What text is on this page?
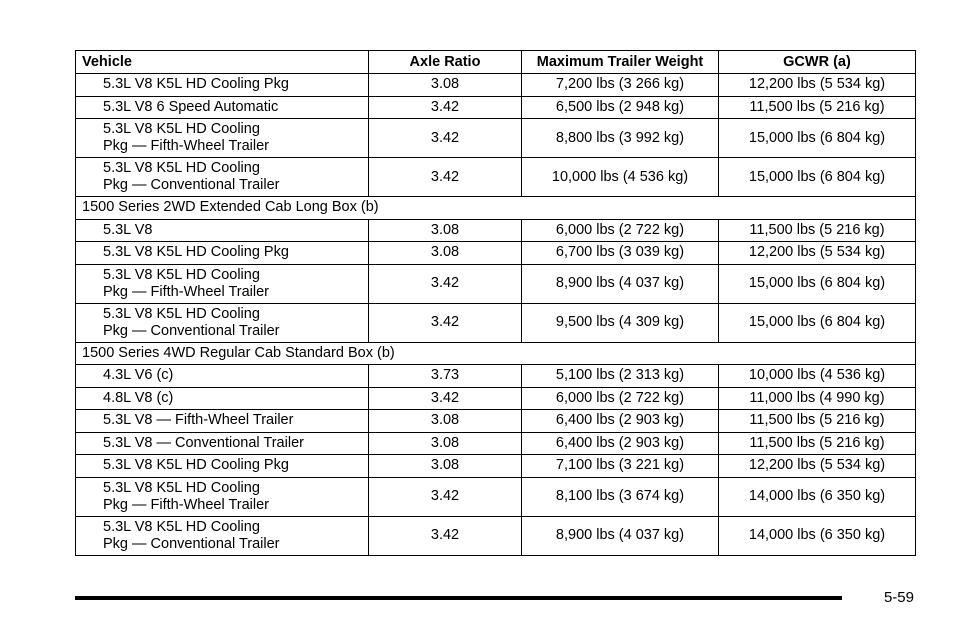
Vehicle	Axle Ratio	Maximum Trailer Weight	GCWR (a)
5.3L V8 K5L HD Cooling Pkg	3.08	7,200 lbs (3 266 kg)	12,200 lbs (5 534 kg)
5.3L V8 6 Speed Automatic	3.42	6,500 lbs (2 948 kg)	11,500 lbs (5 216 kg)
5.3L V8 K5L HD Cooling
Pkg — Fifth-Wheel Trailer	3.42	8,800 lbs (3 992 kg)	15,000 lbs (6 804 kg)
5.3L V8 K5L HD Cooling
Pkg — Conventional Trailer	3.42	10,000 lbs (4 536 kg)	15,000 lbs (6 804 kg)
1500 Series 2WD Extended Cab Long Box (b)			
5.3L V8	3.08	6,000 lbs (2 722 kg)	11,500 lbs (5 216 kg)
5.3L V8 K5L HD Cooling Pkg	3.08	6,700 lbs (3 039 kg)	12,200 lbs (5 534 kg)
5.3L V8 K5L HD Cooling
Pkg — Fifth-Wheel Trailer	3.42	8,900 lbs (4 037 kg)	15,000 lbs (6 804 kg)
5.3L V8 K5L HD Cooling
Pkg — Conventional Trailer	3.42	9,500 lbs (4 309 kg)	15,000 lbs (6 804 kg)
1500 Series 4WD Regular Cab Standard Box (b)			
4.3L V6 (c)	3.73	5,100 lbs (2 313 kg)	10,000 lbs (4 536 kg)
4.8L V8 (c)	3.42	6,000 lbs (2 722 kg)	11,000 lbs (4 990 kg)
5.3L V8 — Fifth-Wheel Trailer	3.08	6,400 lbs (2 903 kg)	11,500 lbs (5 216 kg)
5.3L V8 — Conventional Trailer	3.08	6,400 lbs (2 903 kg)	11,500 lbs (5 216 kg)
5.3L V8 K5L HD Cooling Pkg	3.08	7,100 lbs (3 221 kg)	12,200 lbs (5 534 kg)
5.3L V8 K5L HD Cooling
Pkg — Fifth-Wheel Trailer	3.42	8,100 lbs (3 674 kg)	14,000 lbs (6 350 kg)
5.3L V8 K5L HD Cooling
Pkg — Conventional Trailer	3.42	8,900 lbs (4 037 kg)	14,000 lbs (6 350 kg)
5-59
